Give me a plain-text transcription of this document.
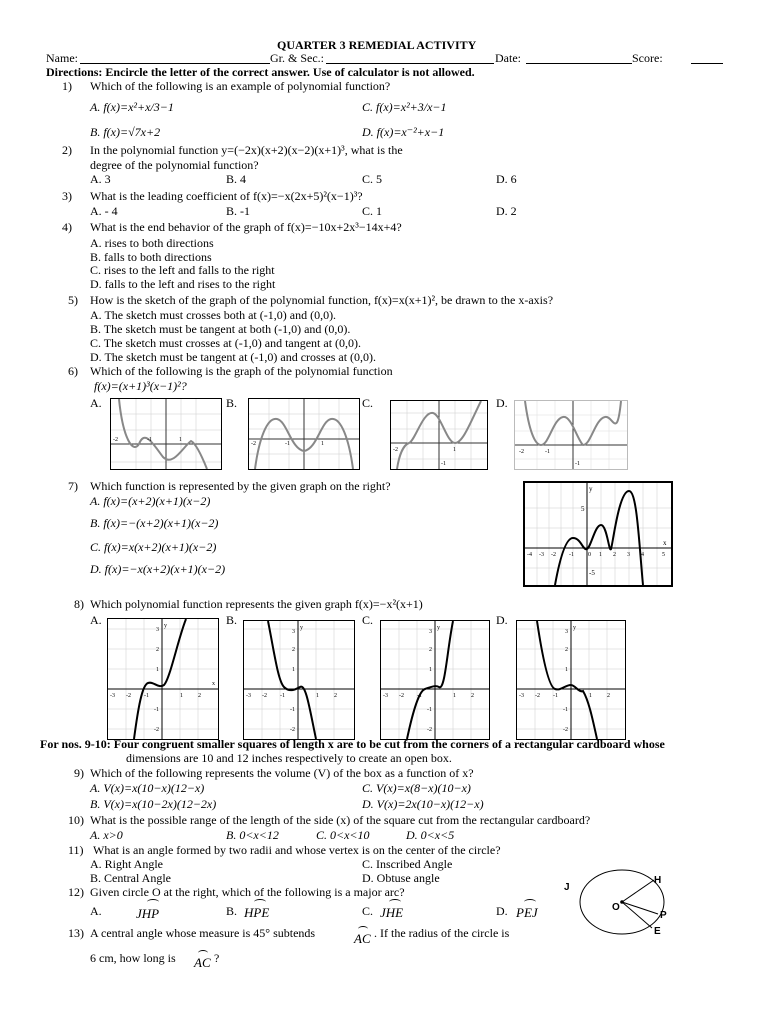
QUARTER 3 REMEDIAL ACTIVITY
Name:	Gr. & Sec.:	Date:	Score:
Directions: Encircle the letter of the correct answer. Use of calculator is not allowed.
1) Which of the following is an example of polynomial function?
A. f(x)=x²+x/3−1	C. f(x)=x²+3/x−1
B. f(x)=√7x+2	D. f(x)=x⁻²+x−1
2) In the polynomial function y=(−2x)(x+2)(x−2)(x+1)³, what is the
degree of the polynomial function?
A. 3	B. 4	C. 5	D. 6
3) What is the leading coefficient of f(x)=−x(2x+5)²(x−1)³?
A. - 4	B. -1	C. 1	D. 2
4) What is the end behavior of the graph of f(x)=−10x+2x³−14x+4?
A. rises to both directions
B. falls to both directions
C. rises to the left and falls to the right
D. falls to the left and rises to the right
5) How is the sketch of the graph of the polynomial function, f(x)=x(x+1)², be drawn to the x-axis?
A. The sketch must crosses both at (-1,0) and (0,0).
B. The sketch must be tangent at both (-1,0) and (0,0).
C. The sketch must crosses at (-1,0) and tangent at (0,0).
D. The sketch must be tangent at (-1,0) and crosses at (0,0).
6) Which of the following is the graph of the polynomial function
f(x)=(x+1)³(x−1)²?
A.	B.	C.	D.
-2	-1	1
-2	-1	1
-2	1
-1
-2	-1
-1
7) Which function is represented by the given graph on the right?
A. f(x)=(x+2)(x+1)(x−2)
B. f(x)=−(x+2)(x+1)(x−2)
C. f(x)=x(x+2)(x+1)(x−2)
D. f(x)=−x(x+2)(x+1)(x−2)
y
x
5
-5
-4 -3 -2 -1 0 1 2 3 4	5
8) Which polynomial function represents the given graph f(x)=−x²(x+1)
A.	B.	C.	D.
y
x
3
2
1
-1
-2
-3 -2 -1	1	2
y
3
2
1
-1
-2
-3 -2 -1	1	2
y
3
2
1
-1
-2
-3 -2 -1	1	2
y
3
2
1
-1
-2
-3 -2 -1	1	2
For nos. 9-10: Four congruent smaller squares of length x are to be cut from the corners of a rectangular cardboard whose
dimensions are 10 and 12 inches respectively to create an open box.
9) Which of the following represents the volume (V) of the box as a function of x?
A. V(x)=x(10−x)(12−x)	C. V(x)=x(8−x)(10−x)
B. V(x)=x(10−2x)(12−2x)	D. V(x)=2x(10−x)(12−x)
10) What is the possible range of the length of the side (x) of the square cut from the rectangular cardboard?
A. x>0	B. 0<x<12	C. 0<x<10	D. 0<x<5
11) What is an angle formed by two radii and whose vertex is on the center of the circle?
A. Right Angle	C. Inscribed Angle
B. Central Angle	D. Obtuse angle
12) Given circle O at the right, which of the following is a major arc?
A.	JHP	B. HPE	C. JHE	D. PEJ
J
H
O
P
E
13) A central angle whose measure is 45° subtends	AC . If the radius of the circle is
6 cm, how long is AC ?
